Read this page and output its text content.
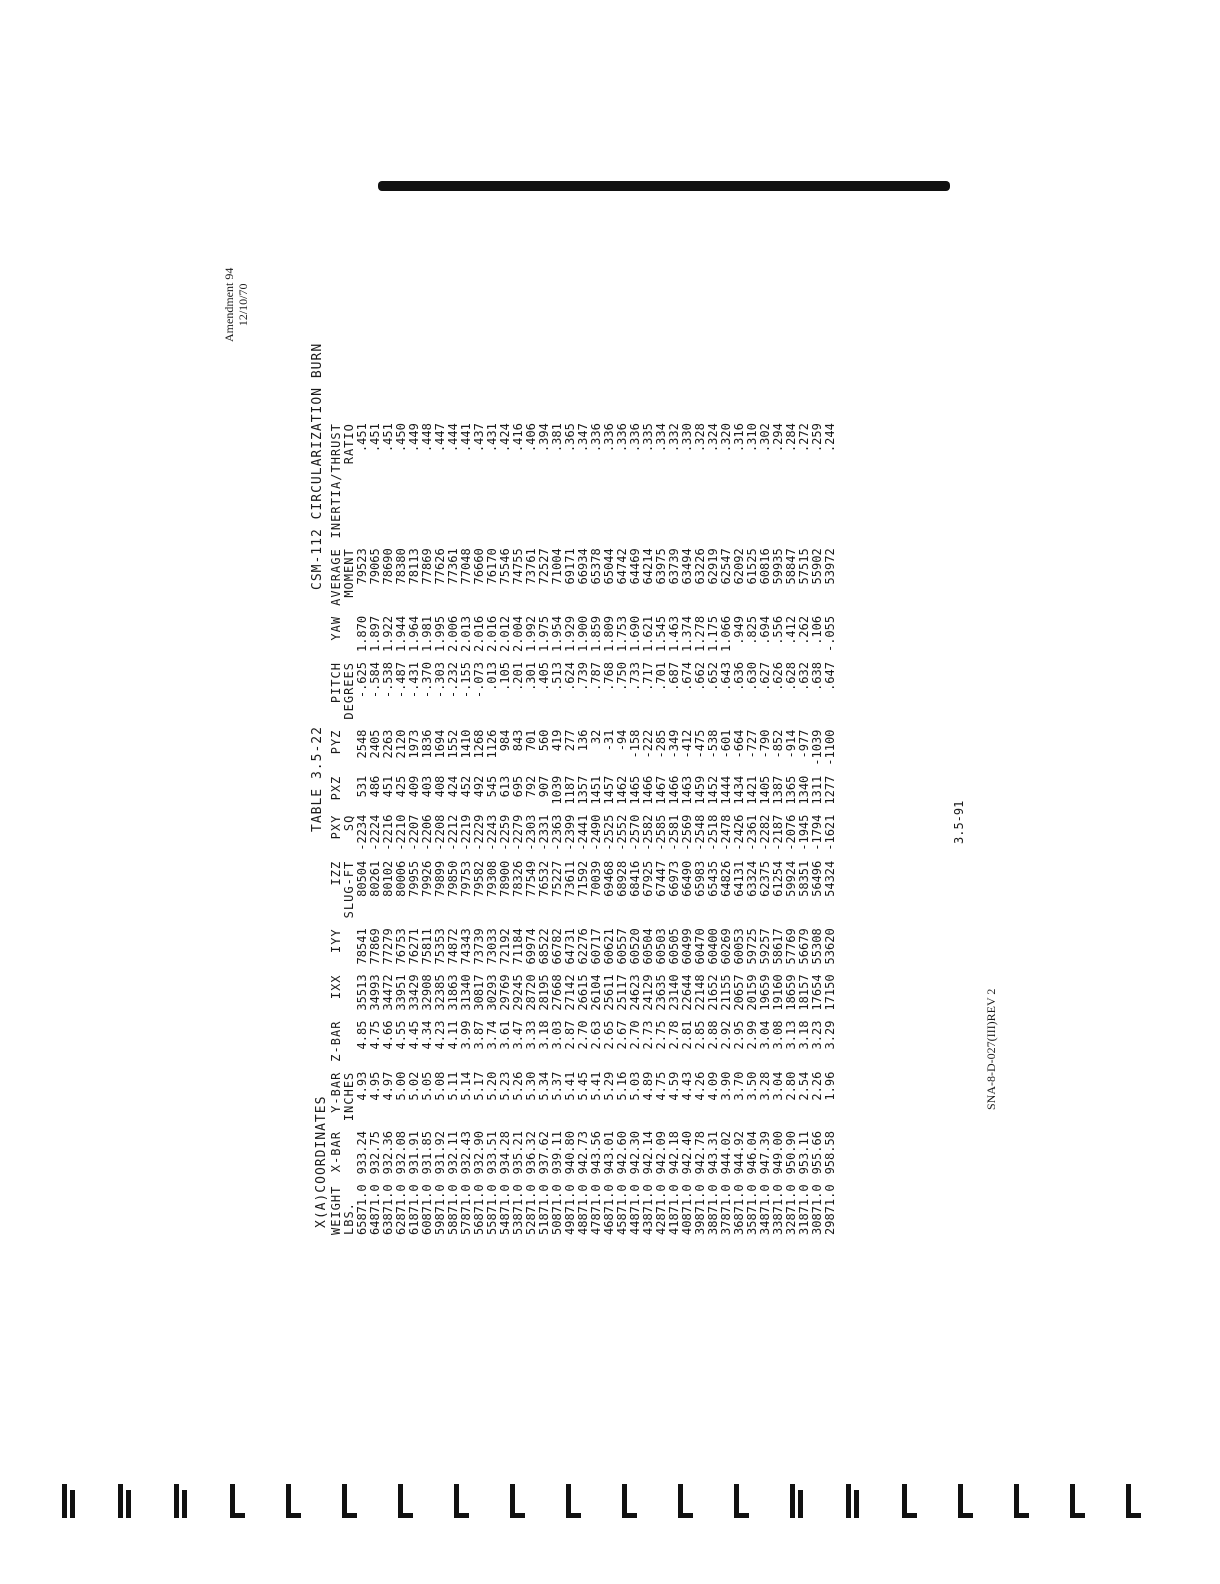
Amendment 94 12/10/70
SNA-8-D-027(III)REV 2
3.5-91
X(A)COORDINATES
TABLE 3.5-22
CSM-112 CIRCULARIZATION BURN
WEIGHT	X-BAR	Y-BAR	Z-BAR	IXX	IYY	IZZ	PXY	PXZ	PYZ	PITCH	YAW	AVERAGE	INERTIA/THRUST
LBS.		INCHES				SLUG-FT	SQ			DEGREES		MOMENT	RATIO
65871.0	933.24	4.93	4.85	35513	78541	80504	-2234	531	2548	-.625	1.870	79523	.451
64871.0	932.75	4.95	4.75	34993	77869	80261	-2224	486	2405	-.584	1.897	79065	.451
63871.0	932.36	4.97	4.66	34472	77279	80102	-2216	451	2263	-.538	1.922	78690	.451
62871.0	932.08	5.00	4.55	33951	76753	80006	-2210	425	2120	-.487	1.944	78380	.450
61871.0	931.91	5.02	4.45	33429	76271	79955	-2207	409	1973	-.431	1.964	78113	.449
60871.0	931.85	5.05	4.34	32908	75811	79926	-2206	403	1836	-.370	1.981	77869	.448
59871.0	931.92	5.08	4.23	32385	75353	79899	-2208	408	1694	-.303	1.995	77626	.447
58871.0	932.11	5.11	4.11	31863	74872	79850	-2212	424	1552	-.232	2.006	77361	.444
57871.0	932.43	5.14	3.99	31340	74343	79753	-2219	452	1410	-.155	2.013	77048	.441
56871.0	932.90	5.17	3.87	30817	73739	79582	-2229	492	1268	-.073	2.016	76660	.437
55871.0	933.51	5.20	3.74	30293	73033	79308	-2243	545	1126	.013	2.016	76170	.431
54871.0	934.28	5.23	3.61	29769	72192	78900	-2259	613	984	.105	2.012	75546	.424
53871.0	935.21	5.26	3.47	29245	71184	78326	-2279	695	843	.201	2.004	74755	.416
52871.0	936.32	5.30	3.33	28720	69974	77549	-2303	792	701	.301	1.992	73761	.406
51871.0	937.62	5.34	3.18	28195	68522	76532	-2331	907	560	.405	1.975	72527	.394
50871.0	939.11	5.37	3.03	27668	66782	75227	-2363	1039	419	.513	1.954	71004	.381
49871.0	940.80	5.41	2.87	27142	64731	73611	-2399	1187	277	.624	1.929	69171	.365
48871.0	942.73	5.45	2.70	26615	62276	71592	-2441	1357	136	.739	1.900	66934	.347
47871.0	943.56	5.41	2.63	26104	60717	70039	-2490	1451	32	.787	1.859	65378	.336
46871.0	943.01	5.29	2.65	25611	60621	69468	-2525	1457	-31	.768	1.809	65044	.336
45871.0	942.60	5.16	2.67	25117	60557	68928	-2552	1462	-94	.750	1.753	64742	.336
44871.0	942.30	5.03	2.70	24623	60520	68416	-2570	1465	-158	.733	1.690	64469	.336
43871.0	942.14	4.89	2.73	24129	60504	67925	-2582	1466	-222	.717	1.621	64214	.335
42871.0	942.09	4.75	2.75	23635	60503	67447	-2585	1467	-285	.701	1.545	63975	.334
41871.0	942.18	4.59	2.78	23140	60505	66973	-2581	1466	-349	.687	1.463	63739	.332
40871.0	942.40	4.43	2.81	22644	60499	66490	-2569	1463	-412	.674	1.374	63494	.330
39871.0	942.78	4.26	2.85	22148	60470	65983	-2548	1459	-475	.662	1.278	63226	.328
38871.0	943.31	4.09	2.88	21652	60400	65435	-2518	1452	-538	.652	1.175	62919	.324
37871.0	944.02	3.90	2.92	21155	60269	64826	-2478	1444	-601	.643	1.066	62547	.320
36871.0	944.92	3.70	2.95	20657	60053	64131	-2426	1434	-664	.636	.949	62092	.316
35871.0	946.04	3.50	2.99	20159	59725	63324	-2361	1421	-727	.630	.825	61525	.310
34871.0	947.39	3.28	3.04	19659	59257	62375	-2282	1405	-790	.627	.694	60816	.302
33871.0	949.00	3.04	3.08	19160	58617	61254	-2187	1387	-852	.626	.556	59935	.294
32871.0	950.90	2.80	3.13	18659	57769	59924	-2076	1365	-914	.628	.412	58847	.284
31871.0	953.11	2.54	3.18	18157	56679	58351	-1945	1340	-977	.632	.262	57515	.272
30871.0	955.66	2.26	3.23	17654	55308	56496	-1794	1311	-1039	.638	.106	55902	.259
29871.0	958.58	1.96	3.29	17150	53620	54324	-1621	1277	-1100	.647	-.055	53972	.244
